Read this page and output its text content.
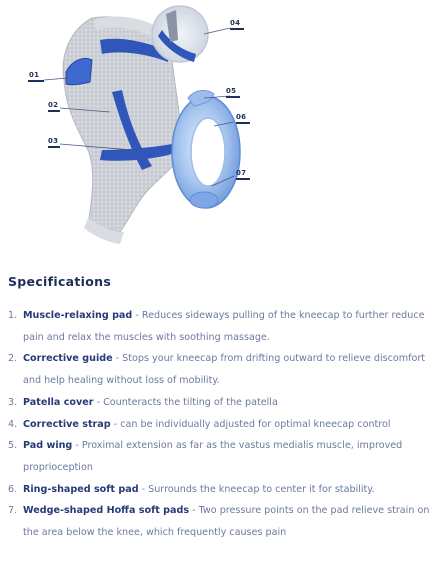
01
02
03
04
05
06
07
Specifications
1. Muscle-relaxing pad - Reduces sideways pulling of the kneecap to further reduce pain and relax the muscles with soothing massage.
2. Corrective guide - Stops your kneecap from drifting outward to relieve discomfort and help healing without loss of mobility.
3. Patella cover - Counteracts the tilting of the patella
4. Corrective strap - can be individually adjusted for optimal kneecap control
5. Pad wing - Proximal extension as far as the vastus medialis muscle, improved proprioception
6. Ring-shaped soft pad - Surrounds the kneecap to center it for stability.
7. Wedge-shaped Hoffa soft pads - Two pressure points on the pad relieve strain on the area below the knee, which frequently causes pain
